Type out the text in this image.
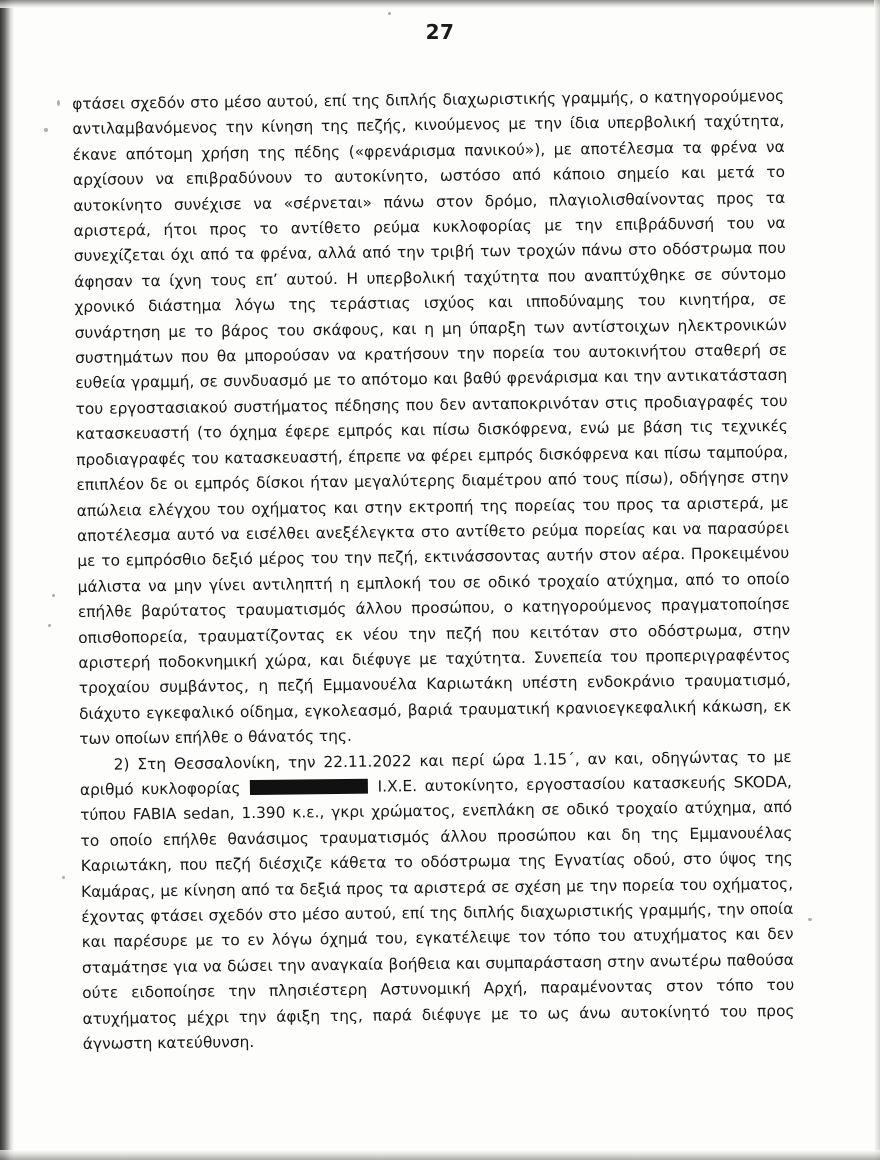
27

φτάσει σχεδόν στο μέσο αυτού, επί της διπλής διαχωριστικής γραμμής, ο κατηγορούμενος αντιλαμβανόμενος την κίνηση της πεζής, κινούμενος με την ίδια υπερβολική ταχύτητα, έκανε απότομη χρήση της πέδης («φρενάρισμα πανικού»), με αποτέλεσμα τα φρένα να αρχίσουν να επιβραδύνουν το αυτοκίνητο, ωστόσο από κάποιο σημείο και μετά το αυτοκίνητο συνέχισε να «σέρνεται» πάνω στον δρόμο, πλαγιολισθαίνοντας προς τα αριστερά, ήτοι προς το αντίθετο ρεύμα κυκλοφορίας με την επιβράδυνσή του να συνεχίζεται όχι από τα φρένα, αλλά από την τριβή των τροχών πάνω στο οδόστρωμα που άφησαν τα ίχνη τους επ’ αυτού. Η υπερβολική ταχύτητα που αναπτύχθηκε σε σύντομο χρονικό διάστημα λόγω της τεράστιας ισχύος και ιπποδύναμης του κινητήρα, σε συνάρτηση με το βάρος του σκάφους, και η μη ύπαρξη των αντίστοιχων ηλεκτρονικών συστημάτων που θα μπορούσαν να κρατήσουν την πορεία του αυτοκινήτου σταθερή σε ευθεία γραμμή, σε συνδυασμό με το απότομο και βαθύ φρενάρισμα και την αντικατάσταση του εργοστασιακού συστήματος πέδησης που δεν ανταποκρινόταν στις προδιαγραφές του κατασκευαστή (το όχημα έφερε εμπρός και πίσω δισκόφρενα, ενώ με βάση τις τεχνικές προδιαγραφές του κατασκευαστή, έπρεπε να φέρει εμπρός δισκόφρενα και πίσω ταμπούρα, επιπλέον δε οι εμπρός δίσκοι ήταν μεγαλύτερης διαμέτρου από τους πίσω), οδήγησε στην απώλεια ελέγχου του οχήματος και στην εκτροπή της πορείας του προς τα αριστερά, με αποτέλεσμα αυτό να εισέλθει ανεξέλεγκτα στο αντίθετο ρεύμα πορείας και να παρασύρει με το εμπρόσθιο δεξιό μέρος του την πεζή, εκτινάσσοντας αυτήν στον αέρα. Προκειμένου μάλιστα να μην γίνει αντιληπτή η εμπλοκή του σε οδικό τροχαίο ατύχημα, από το οποίο επήλθε βαρύτατος τραυματισμός άλλου προσώπου, ο κατηγορούμενος πραγματοποίησε οπισθοπορεία, τραυματίζοντας εκ νέου την πεζή που κειτόταν στο οδόστρωμα, στην αριστερή ποδοκνημική χώρα, και διέφυγε με ταχύτητα. Συνεπεία του προπεριγραφέντος τροχαίου συμβάντος, η πεζή Εμμανουέλα Καριωτάκη υπέστη ενδοκράνιο τραυματισμό, διάχυτο εγκεφαλικό οίδημα, εγκολεασμό, βαριά τραυματική κρανιοεγκεφαλική κάκωση, εκ των οποίων επήλθε ο θάνατός της.

2) Στη Θεσσαλονίκη, την 22.11.2022 και περί ώρα 1.15΄, αν και, οδηγώντας το με αριθμό κυκλοφορίας	Ι.Χ.Ε. αυτοκίνητο, εργοστασίου κατασκευής SKODA, τύπου FABIA sedan, 1.390 κ.ε., γκρι χρώματος, ενεπλάκη σε οδικό τροχαίο ατύχημα, από το οποίο επήλθε θανάσιμος τραυματισμός άλλου προσώπου και δη της Εμμανουέλας Καριωτάκη, που πεζή διέσχιζε κάθετα το οδόστρωμα της Εγνατίας οδού, στο ύψος της Καμάρας, με κίνηση από τα δεξιά προς τα αριστερά σε σχέση με την πορεία του οχήματος, έχοντας φτάσει σχεδόν στο μέσο αυτού, επί της διπλής διαχωριστικής γραμμής, την οποία και παρέσυρε με το εν λόγω όχημά του, εγκατέλειψε τον τόπο του ατυχήματος και δεν σταμάτησε για να δώσει την αναγκαία βοήθεια και συμπαράσταση στην ανωτέρω παθούσα ούτε ειδοποίησε την πλησιέστερη Αστυνομική Αρχή, παραμένοντας στον τόπο του ατυχήματος μέχρι την άφιξη της, παρά διέφυγε με το ως άνω αυτοκίνητό του προς άγνωστη κατεύθυνση.
